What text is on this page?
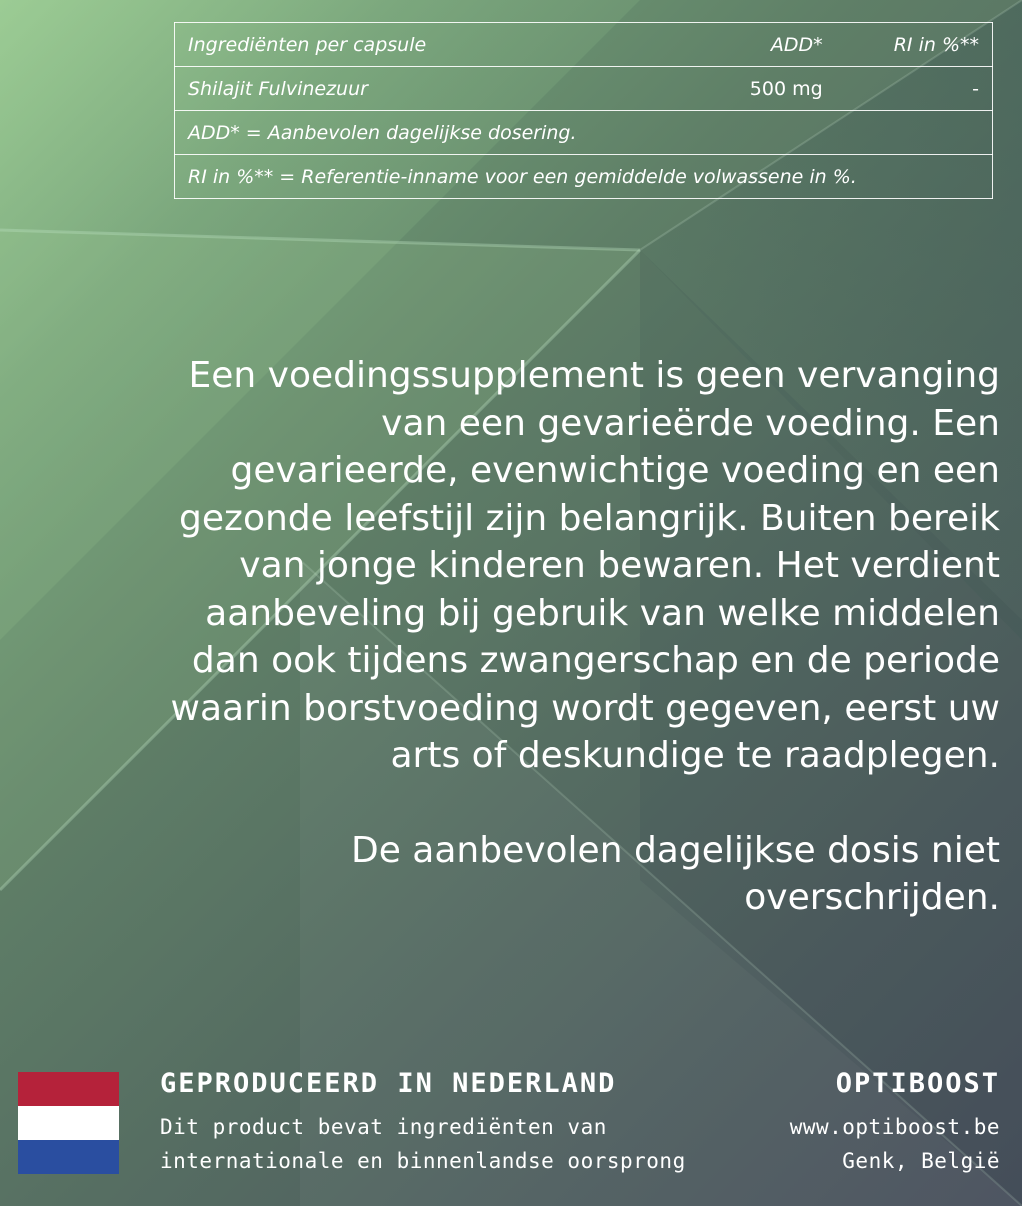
Ingrediënten per capsule	ADD*	RI in %**
Shilajit Fulvinezuur	500 mg	-
ADD* = Aanbevolen dagelijkse dosering.		
RI in %** = Referentie-inname voor een gemiddelde volwassene in %.		

Een voedingssupplement is geen vervanging van een gevarieërde voeding. Een gevarieerde, evenwichtige voeding en een gezonde leefstijl zijn belangrijk. Buiten bereik van jonge kinderen bewaren. Het verdient aanbeveling bij gebruik van welke middelen dan ook tijdens zwangerschap en de periode waarin borstvoeding wordt gegeven, eerst uw arts of deskundige te raadplegen.

De aanbevolen dagelijkse dosis niet overschrijden.

GEPRODUCEERD IN NEDERLAND
Dit product bevat ingrediënten van
internationale en binnenlandse oorsprong
OPTIBOOST
www.optiboost.be
Genk, België
